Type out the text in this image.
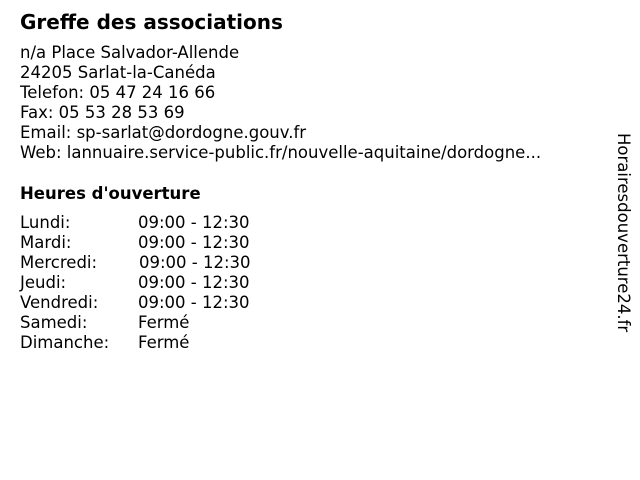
Greffe des associations
n/a Place Salvador-Allende
24205 Sarlat-la-Canéda
Telefon: 05 47 24 16 66
Fax: 05 53 28 53 69
Email: sp-sarlat@dordogne.gouv.fr
Web: lannuaire.service-public.fr/nouvelle-aquitaine/dordogne...
Heures d'ouverture
Lundi:	09:00 - 12:30
Mardi:	09:00 - 12:30
Mercredi:	09:00 - 12:30
Jeudi:	09:00 - 12:30
Vendredi: 09:00 - 12:30
Samedi:	Fermé
Dimanche: Fermé
Horairesdouverture24.fr
